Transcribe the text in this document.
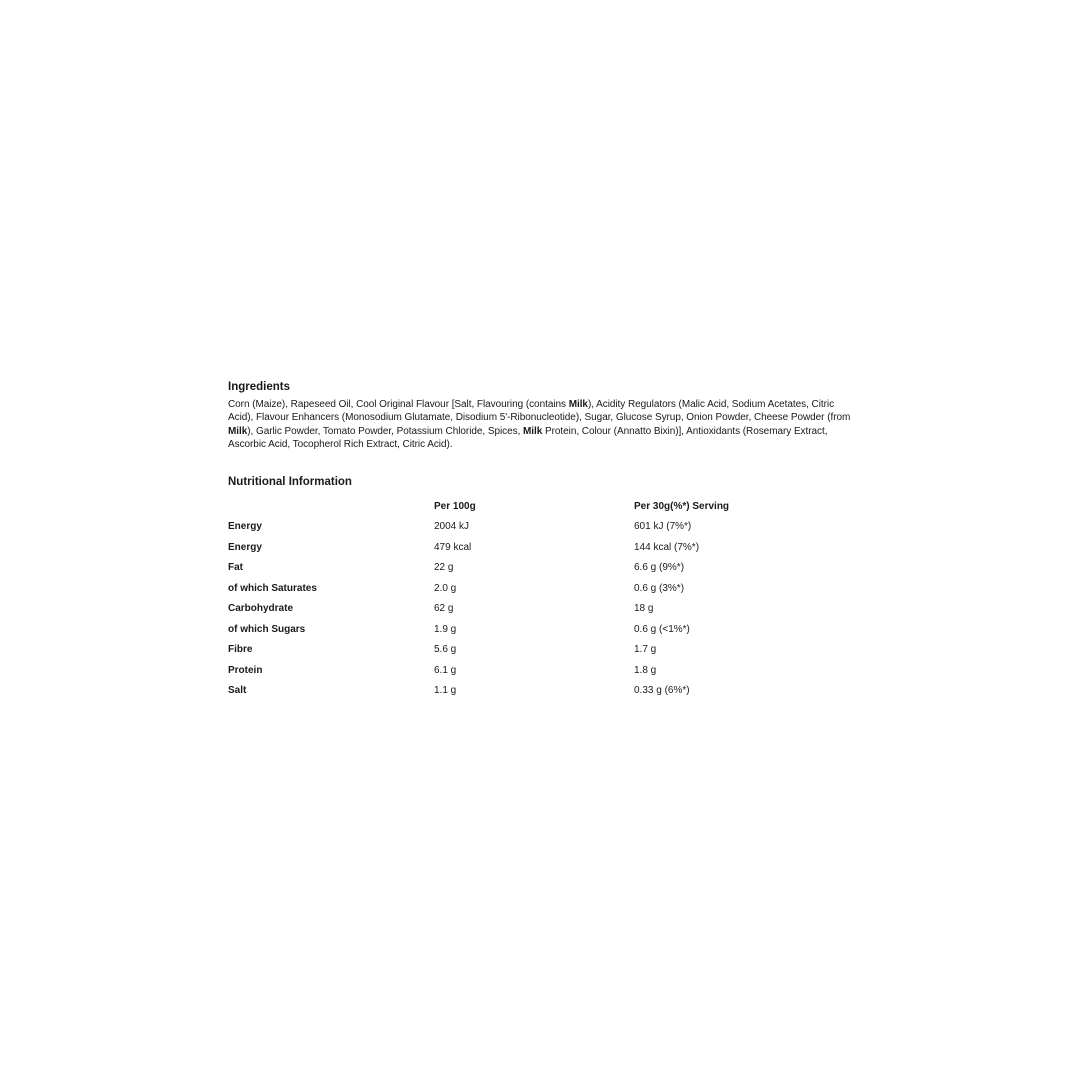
Ingredients

Corn (Maize), Rapeseed Oil, Cool Original Flavour [Salt, Flavouring (contains Milk), Acidity Regulators (Malic Acid, Sodium Acetates, Citric Acid), Flavour Enhancers (Monosodium Glutamate, Disodium 5'-Ribonucleotide), Sugar, Glucose Syrup, Onion Powder, Cheese Powder (from Milk), Garlic Powder, Tomato Powder, Potassium Chloride, Spices, Milk Protein, Colour (Annatto Bixin)], Antioxidants (Rosemary Extract, Ascorbic Acid, Tocopherol Rich Extract, Citric Acid).

Nutritional Information
	Per 100g	Per 30g(%*) Serving
Energy	2004 kJ	601 kJ (7%*)
Energy	479 kcal	144 kcal (7%*)
Fat	22 g	6.6 g (9%*)
of which Saturates	2.0 g	0.6 g (3%*)
Carbohydrate	62 g	18 g
of which Sugars	1.9 g	0.6 g (<1%*)
Fibre	5.6 g	1.7 g
Protein	6.1 g	1.8 g
Salt	1.1 g	0.33 g (6%*)
